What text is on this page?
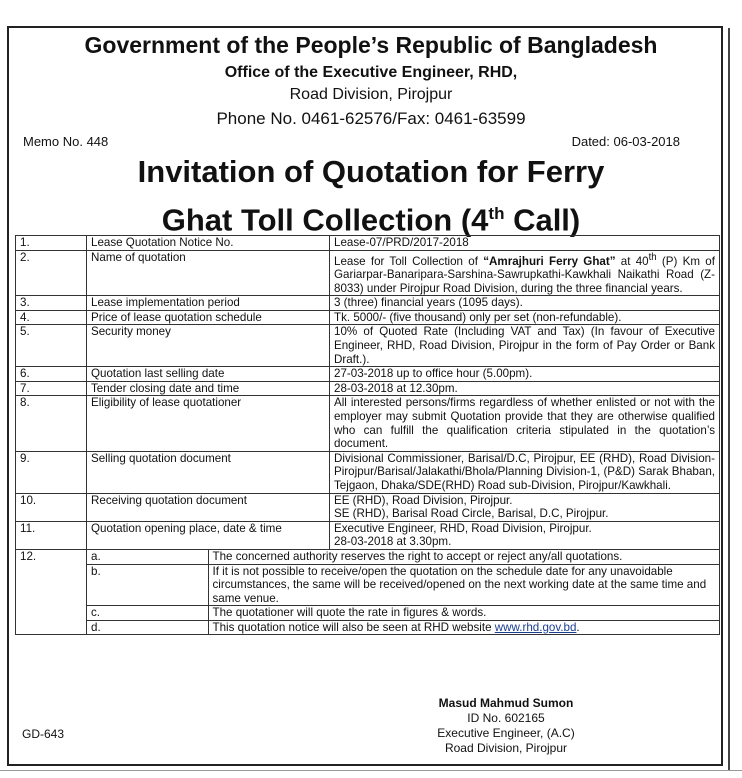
Government of the People’s Republic of Bangladesh
Office of the Executive Engineer, RHD,
Road Division, Pirojpur
Phone No. 0461-62576/Fax: 0461-63599
Memo No. 448	Dated: 06-03-2018
Invitation of Quotation for Ferry
Ghat Toll Collection (4th Call)
1.	Lease Quotation Notice No.		Lease-07/PRD/2017-2018
2.	Name of quotation		Lease for Toll Collection of “Amrajhuri Ferry Ghat” at 40th (P) Km of Gariarpar-Banaripara-Sarshina-Sawrupkathi-Kawkhali Naikathi Road (Z-8033) under Pirojpur Road Division, during the three financial years.
3.	Lease implementation period		3 (three) financial years (1095 days).
4.	Price of lease quotation schedule		Tk. 5000/- (five thousand) only per set (non-refundable).
5.	Security money		10% of Quoted Rate (Including VAT and Tax) (In favour of Executive Engineer, RHD, Road Division, Pirojpur in the form of Pay Order or Bank Draft.).
6.	Quotation last selling date		27-03-2018 up to office hour (5.00pm).
7.	Tender closing date and time		28-03-2018 at 12.30pm.
8.	Eligibility of lease quotationer		All interested persons/firms regardless of whether enlisted or not with the employer may submit Quotation provide that they are otherwise qualified who can fulfill the qualification criteria stipulated in the quotation’s document.
9.	Selling quotation document		Divisional Commissioner, Barisal/D.C, Pirojpur, EE (RHD), Road Division-Pirojpur/Barisal/Jalakathi/Bhola/Planning Division-1, (P&D) Sarak Bhaban, Tejgaon, Dhaka/SDE(RHD) Road sub-Division, Pirojpur/Kawkhali.
10.	Receiving quotation document		EE (RHD), Road Division, Pirojpur.
SE (RHD), Barisal Road Circle, Barisal, D.C, Pirojpur.

11.	Quotation opening place, date & time		Executive Engineer, RHD, Road Division, Pirojpur.
28-03-2018 at 3.30pm.

12.	a.	The concerned authority reserves the right to accept or reject any/all quotations.	
	b.	If it is not possible to receive/open the quotation on the schedule date for any unavoidable circumstances, the same will be received/opened on the next working date at the same time and same venue.	
	c.	The quotationer will quote the rate in figures & words.	
	d.	This quotation notice will also be seen at RHD website www.rhd.gov.bd.	
Masud Mahmud Sumon
ID No. 602165
Executive Engineer, (A.C)
Road Division, Pirojpur
GD-643
